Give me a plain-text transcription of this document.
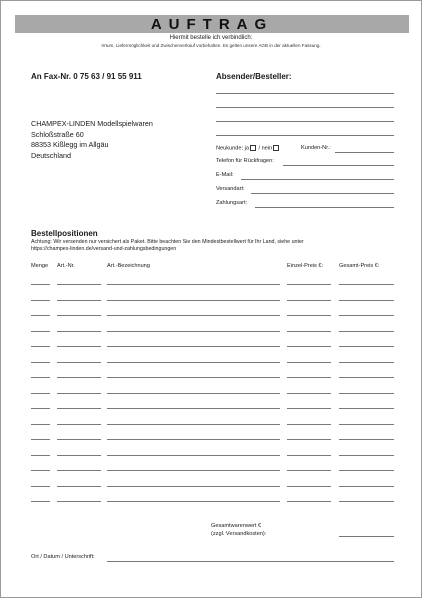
AUFTRAG
Hiermit bestelle ich verbindlich:
Irrtum, Liefermöglichkeit und Zwischenverkauf vorbehalten. Es gelten unsere AGB in der aktuellen Fassung.
An Fax-Nr. 0 75 63 / 91 55 911
CHAMPEX-LINDEN Modellspielwaren
Schloßstraße 60
88353 Kißlegg im Allgäu
Deutschland
Absender/Besteller:
Neukunde: ja / nein	Kunden-Nr.:
Telefon für Rückfragen:
E-Mail:
Versandart:
Zahlungsart:
Bestellpositionen
Achtung: Wir versenden nur versichert als Paket. Bitte beachten Sie den Mindestbestellwert für Ihr Land, siehe unter
https://champex-linden.de/versand-und-zahlungsbedingungen
Menge Art.-Nr.	Art.-Bezeichnung	Einzel-Preis €:	Gesamt-Preis €:
Gesamtwarenwert €
(zzgl. Versandkosten):
Ort / Datum / Unterschrift:
